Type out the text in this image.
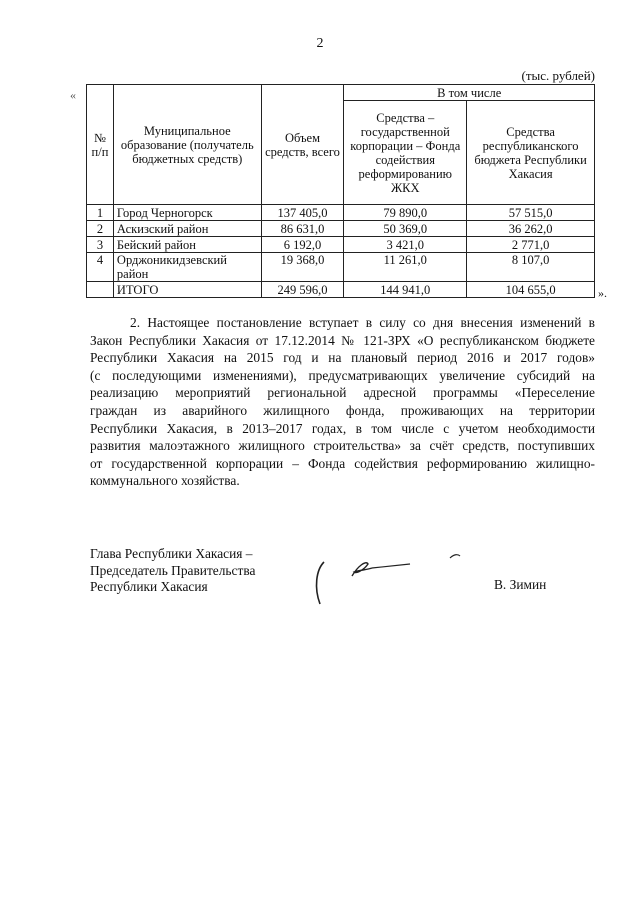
2
(тыс. рублей)
«
».
№ п/п	Муниципальное образование (получатель бюджетных средств)	Объем средств, всего	В том числе	
			Средства – государственной корпорации – Фонда содействия реформированию ЖКХ	Средства республиканского бюджета Республики Хакасия
1	Город Черногорск	137 405,0	79 890,0	57 515,0
2	Аскизский район	86 631,0	50 369,0	36 262,0
3	Бейский район	6 192,0	3 421,0	2 771,0
4	Орджоникидзевский район	19 368,0	11 261,0	8 107,0
	ИТОГО	249 596,0	144 941,0	104 655,0
2. Настоящее постановление вступает в силу со дня внесения изменений в
Закон Республики Хакасия от 17.12.2014 № 121-ЗРХ «О республиканском бюджете
Республики Хакасия на 2015 год и на плановый период 2016 и 2017 годов»
(с последующими изменениями), предусматривающих увеличение субсидий на
реализацию мероприятий региональной адресной программы «Переселение
граждан из аварийного жилищного фонда, проживающих на территории
Республики Хакасия, в 2013–2017 годах, в том числе с учетом необходимости
развития малоэтажного жилищного строительства» за счёт средств, поступивших
от государственной корпорации – Фонда содействия реформированию жилищно-
коммунального хозяйства.
Глава Республики Хакасия –
Председатель Правительства
Республики Хакасия	В. Зимин
